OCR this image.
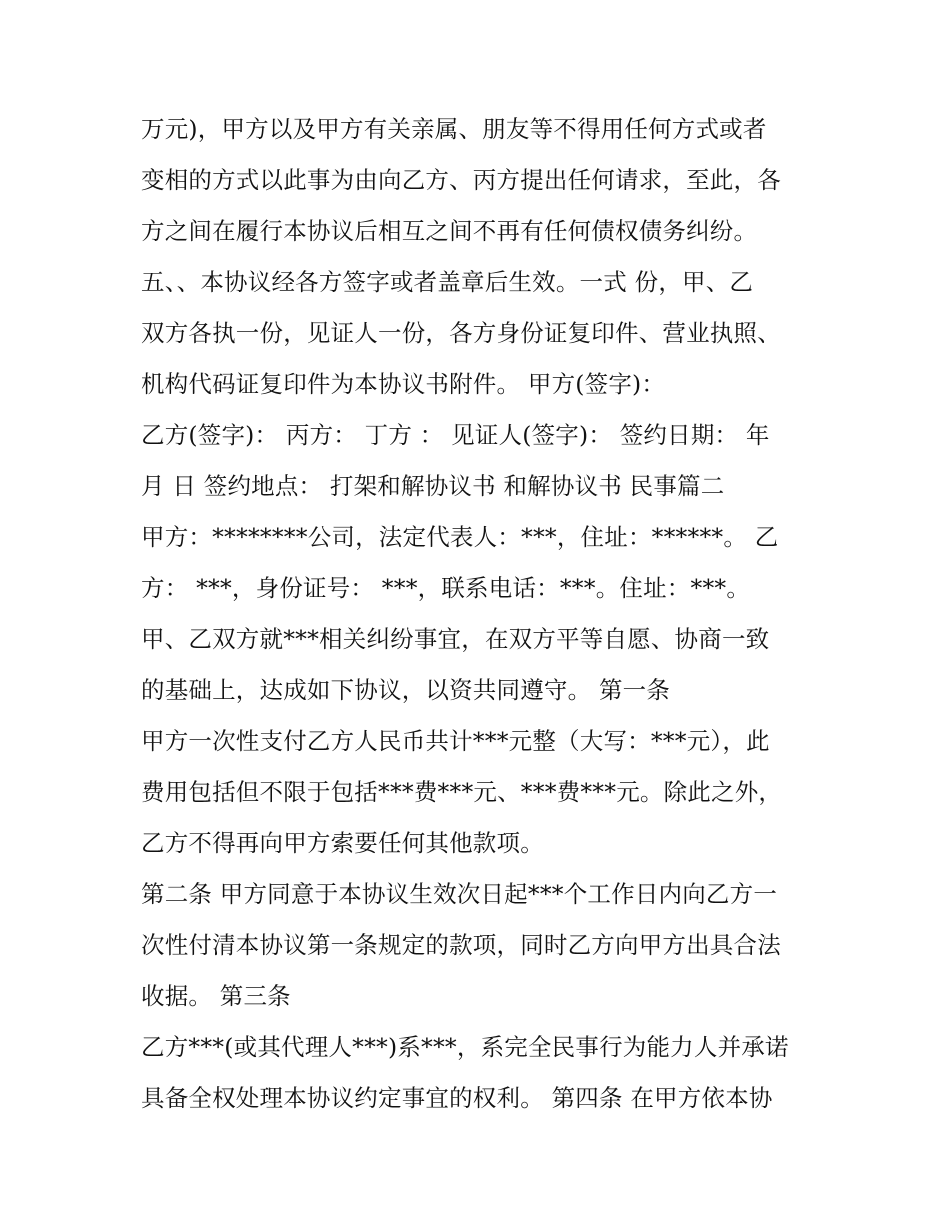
万元)，甲方以及甲方有关亲属、朋友等不得用任何方式或者
变相的方式以此事为由向乙方、丙方提出任何请求，至此，各
方之间在履行本协议后相互之间不再有任何债权债务纠纷。
五、、本协议经各方签字或者盖章后生效。一式 份，甲、乙
双方各执一份，见证人一份，各方身份证复印件、营业执照、
机构代码证复印件为本协议书附件。 甲方(签字)：
乙方(签字)： 丙方： 丁方 ： 见证人(签字)： 签约日期： 年
月 日 签约地点： 打架和解协议书 和解协议书 民事篇二
甲方：********公司，法定代表人：***，住址：******。 乙
方： ***，身份证号： ***，联系电话：***。住址：***。
甲、乙双方就***相关纠纷事宜，在双方平等自愿、协商一致
的基础上，达成如下协议，以资共同遵守。 第一条
甲方一次性支付乙方人民币共计***元整（大写：***元），此
费用包括但不限于包括***费***元、***费***元。除此之外，
乙方不得再向甲方索要任何其他款项。
第二条 甲方同意于本协议生效次日起***个工作日内向乙方一
次性付清本协议第一条规定的款项，同时乙方向甲方出具合法
收据。 第三条
乙方***(或其代理人***)系***，系完全民事行为能力人并承诺
具备全权处理本协议约定事宜的权利。 第四条 在甲方依本协
